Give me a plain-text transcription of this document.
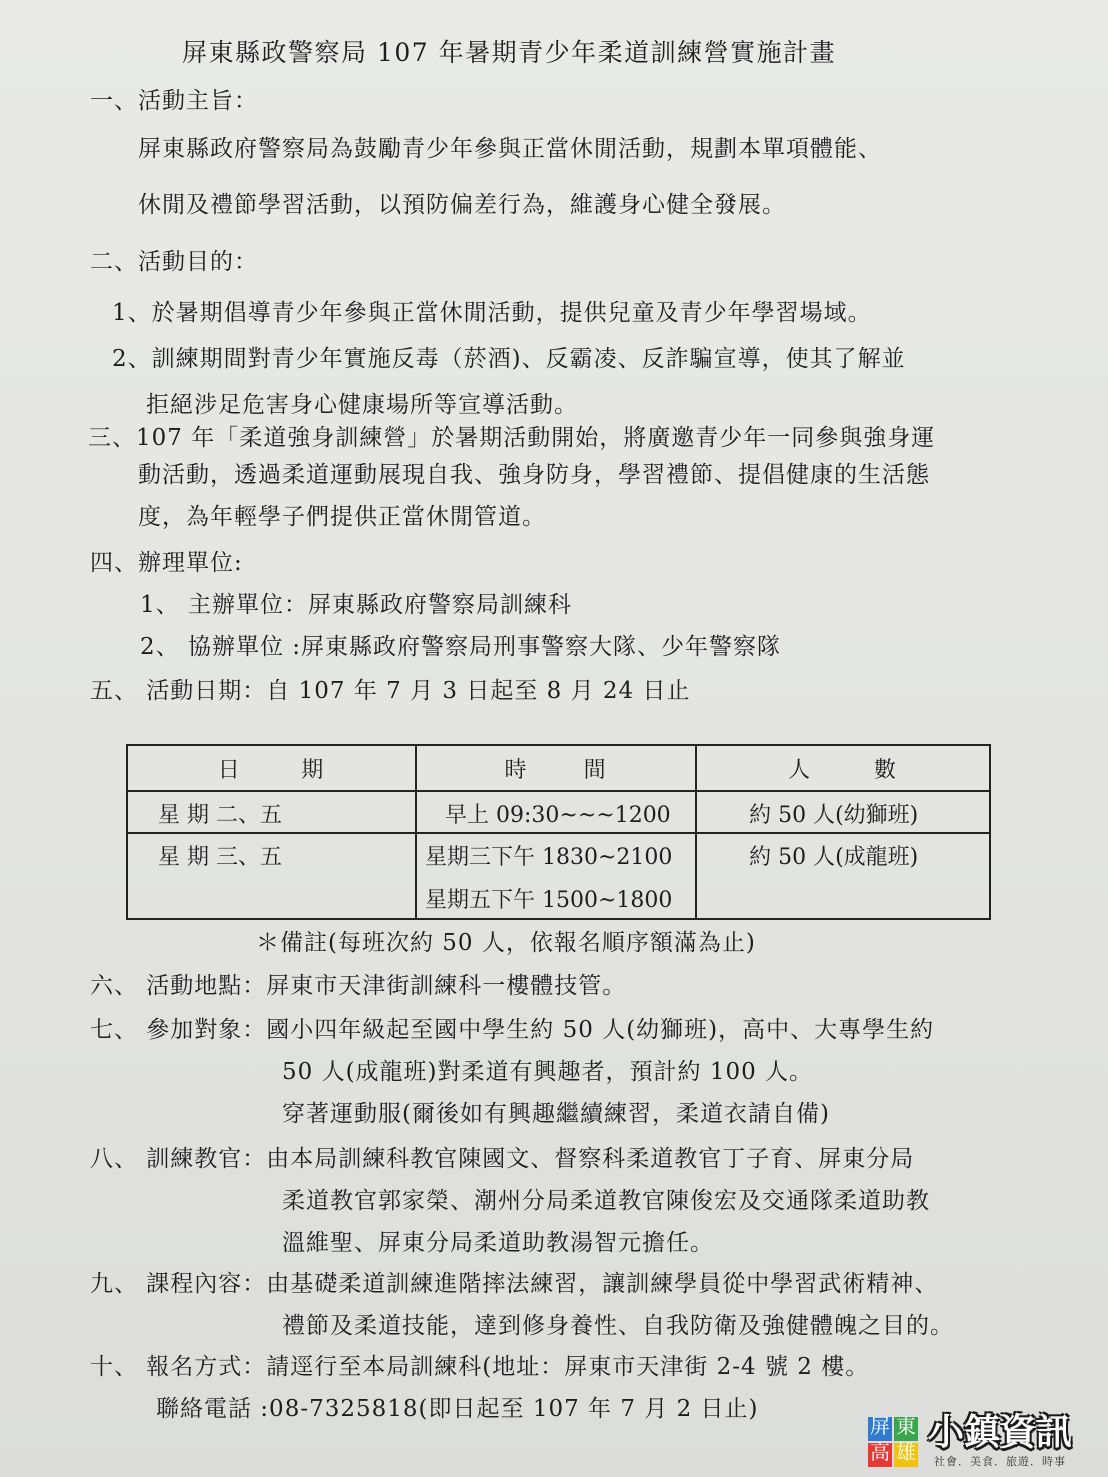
屏東縣政警察局 107 年暑期青少年柔道訓練營實施計畫
一、活動主旨：
屏東縣政府警察局為鼓勵青少年參與正當休閒活動，規劃本單項體能、
休閒及禮節學習活動，以預防偏差行為，維護身心健全發展。
二、活動目的：
1、於暑期倡導青少年參與正當休閒活動，提供兒童及青少年學習場域。
2、訓練期間對青少年實施反毒（菸酒)、反霸凌、反詐騙宣導，使其了解並
拒絕涉足危害身心健康場所等宣導活動。
三、107 年「柔道強身訓練營」於暑期活動開始，將廣邀青少年一同參與強身運
動活動，透過柔道運動展現自我、強身防身，學習禮節、提倡健康的生活態
度，為年輕學子們提供正當休閒管道。
四、辦理單位:
1、 主辦單位：屏東縣政府警察局訓練科
2、 協辦單位 :屏東縣政府警察局刑事警察大隊、少年警察隊
五、 活動日期：自 107 年 7 月 3 日起至 8 月 24 日止
日 期	時 間	人 數

星 期 二、五	早上 09:30~~~1200	約 50 人(幼獅班)

星 期 三、五	星期三下午 1830~2100
星期五下午 1500~1800	約 50 人(成龍班)
＊備註(每班次約 50 人，依報名順序額滿為止)
六、 活動地點：屏東市天津街訓練科一樓體技管。
七、 參加對象：國小四年級起至國中學生約 50 人(幼獅班)，高中、大專學生約
50 人(成龍班)對柔道有興趣者，預計約 100 人。
穿著運動服(爾後如有興趣繼續練習，柔道衣請自備)
八、 訓練教官：由本局訓練科教官陳國文、督察科柔道教官丁子育、屏東分局
柔道教官郭家榮、潮州分局柔道教官陳俊宏及交通隊柔道助教
溫維聖、屏東分局柔道助教湯智元擔任。
九、 課程內容：由基礎柔道訓練進階摔法練習，讓訓練學員從中學習武術精神、
禮節及柔道技能，達到修身養性、自我防衛及強健體魄之目的。
十、 報名方式：請逕行至本局訓練科(地址：屏東市天津街 2-4 號 2 樓。
聯絡電話 :08-7325818(即日起至 107 年 7 月 2 日止)
屏東高雄 小鎮資訊
社會．美食．旅遊．時事
